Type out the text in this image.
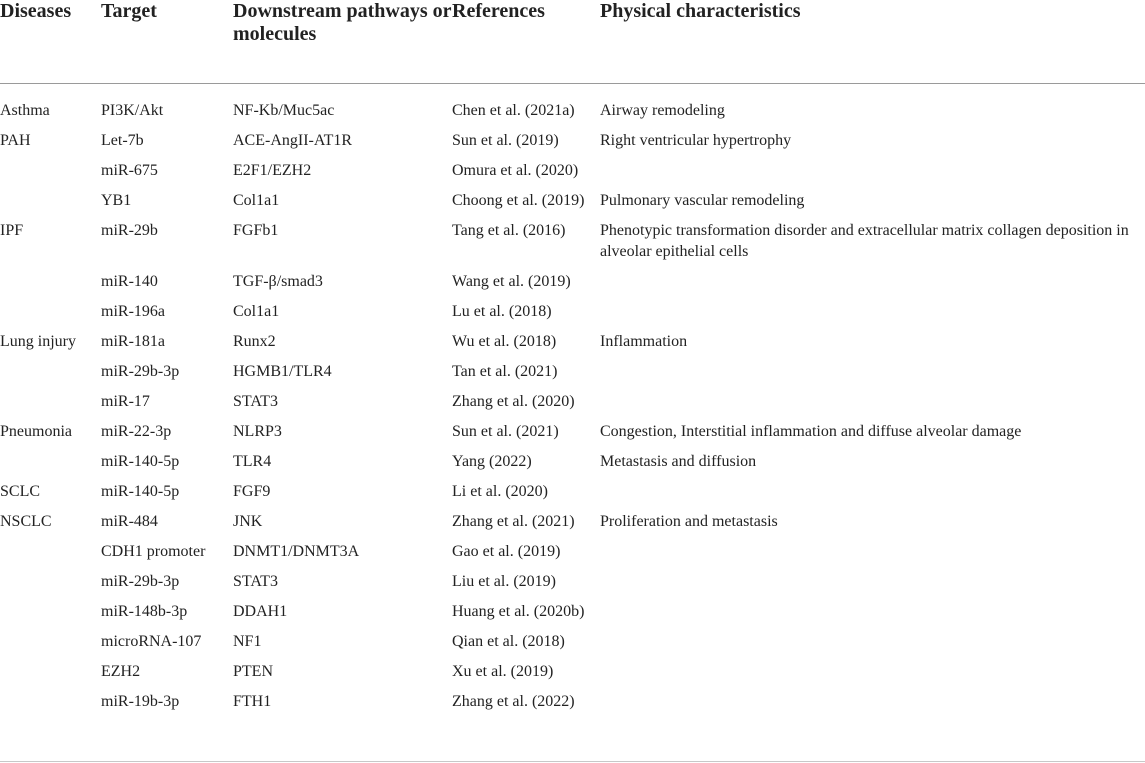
Diseases	Target	Downstream pathways or molecules	References	Physical characteristics
Asthma	PI3K/Akt	NF-Kb/Muc5ac	Chen et al. (2021a)	Airway remodeling
PAH	Let-7b	ACE-AngII-AT1R	Sun et al. (2019)	Right ventricular hypertrophy
	miR-675	E2F1/EZH2	Omura et al. (2020)	
	YB1	Col1a1	Choong et al. (2019)	Pulmonary vascular remodeling
IPF	miR-29b	FGFb1	Tang et al. (2016)	Phenotypic transformation disorder and extracellular matrix collagen deposition in alveolar epithelial cells
	miR-140	TGF-β/smad3	Wang et al. (2019)	
	miR-196a	Col1a1	Lu et al. (2018)	
Lung injury	miR-181a	Runx2	Wu et al. (2018)	Inflammation
	miR-29b-3p	HGMB1/TLR4	Tan et al. (2021)	
	miR-17	STAT3	Zhang et al. (2020)	
Pneumonia	miR-22-3p	NLRP3	Sun et al. (2021)	Congestion, Interstitial inflammation and diffuse alveolar damage
	miR-140-5p	TLR4	Yang (2022)	Metastasis and diffusion
SCLC	miR-140-5p	FGF9	Li et al. (2020)	
NSCLC	miR-484	JNK	Zhang et al. (2021)	Proliferation and metastasis
	CDH1 promoter	DNMT1/DNMT3A	Gao et al. (2019)	
	miR-29b-3p	STAT3	Liu et al. (2019)	
	miR-148b-3p	DDAH1	Huang et al. (2020b)	
	microRNA-107	NF1	Qian et al. (2018)	
	EZH2	PTEN	Xu et al. (2019)	
	miR-19b-3p	FTH1	Zhang et al. (2022)	
